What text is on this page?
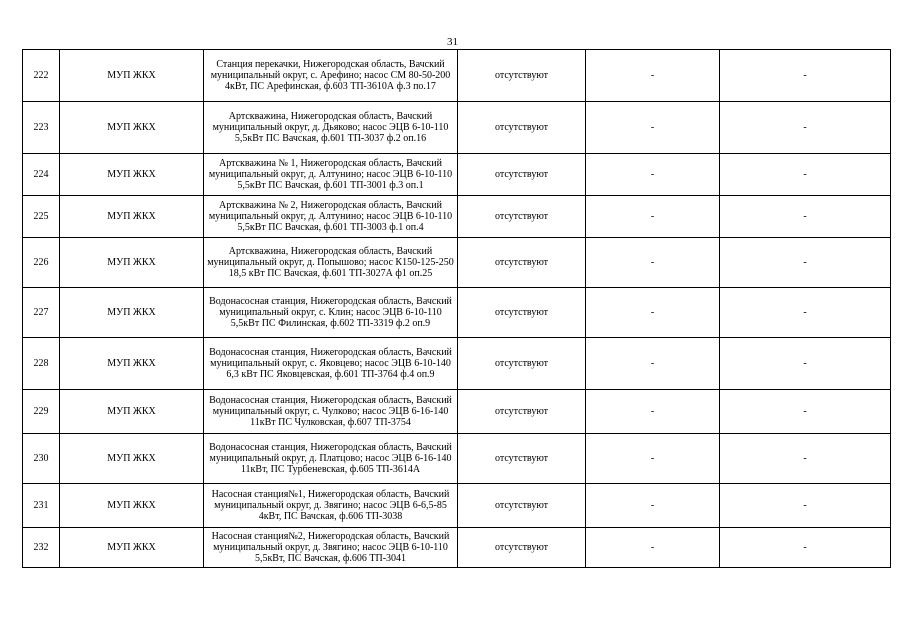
31
222	МУП ЖКХ	Станция перекачки, Нижегородская область, Вачский муниципальный округ, с. Арефино; насос СМ 80-50-200 4кВт, ПС Арефинская, ф.603 ТП-3610А ф.3 по.17	отсутствуют	-	-
223	МУП ЖКХ	Артскважина, Нижегородская область, Вачский муниципальный округ, д. Дьяково; насос ЭЦВ 6-10-110 5,5кВт ПС Вачская, ф.601 ТП-3037 ф.2 оп.16	отсутствуют	-	-
224	МУП ЖКХ	Артскважина № 1, Нижегородская область, Вачский муниципальный округ, д. Алтунино; насос ЭЦВ 6-10-110 5,5кВт ПС Вачская, ф.601 ТП-3001 ф.3 оп.1	отсутствуют	-	-
225	МУП ЖКХ	Артскважина № 2, Нижегородская область, Вачский муниципальный округ, д. Алтунино; насос ЭЦВ 6-10-110 5,5кВт ПС Вачская, ф.601 ТП-3003 ф.1 оп.4	отсутствуют	-	-
226	МУП ЖКХ	Артскважина, Нижегородская область, Вачский муниципальный округ, д. Попышово; насос К150-125-250 18,5 кВт ПС Вачская, ф.601 ТП-3027А ф1 оп.25	отсутствуют	-	-
227	МУП ЖКХ	Водонасосная станция, Нижегородская область, Вачский муниципальный округ, с. Клин; насос ЭЦВ 6-10-110 5,5кВт ПС Филинская, ф.602 ТП-3319 ф.2 оп.9	отсутствуют	-	-
228	МУП ЖКХ	Водонасосная станция, Нижегородская область, Вачский муниципальный округ, с. Яковцево; насос ЭЦВ 6-10-140 6,3 кВт ПС Яковцевская, ф.601 ТП-3764 ф.4 оп.9	отсутствуют	-	-
229	МУП ЖКХ	Водонасосная станция, Нижегородская область, Вачский муниципальный округ, с. Чулково; насос ЭЦВ 6-16-140 11кВт ПС Чулковская, ф.607 ТП-3754	отсутствуют	-	-
230	МУП ЖКХ	Водонасосная станция, Нижегородская область, Вачский муниципальный округ, д. Платцово; насос ЭЦВ 6-16-140 11кВт, ПС Турбеневская, ф.605 ТП-3614А	отсутствуют	-	-
231	МУП ЖКХ	Насосная станция№1, Нижегородская область, Вачский муниципальный округ, д. Звягино; насос ЭЦВ 6-6,5-85 4кВт, ПС Вачская, ф.606 ТП-3038	отсутствуют	-	-
232	МУП ЖКХ	Насосная станция№2, Нижегородская область, Вачский муниципальный округ, д. Звягино; насос ЭЦВ 6-10-110 5,5кВт, ПС Вачская, ф.606 ТП-3041	отсутствуют	-	-
